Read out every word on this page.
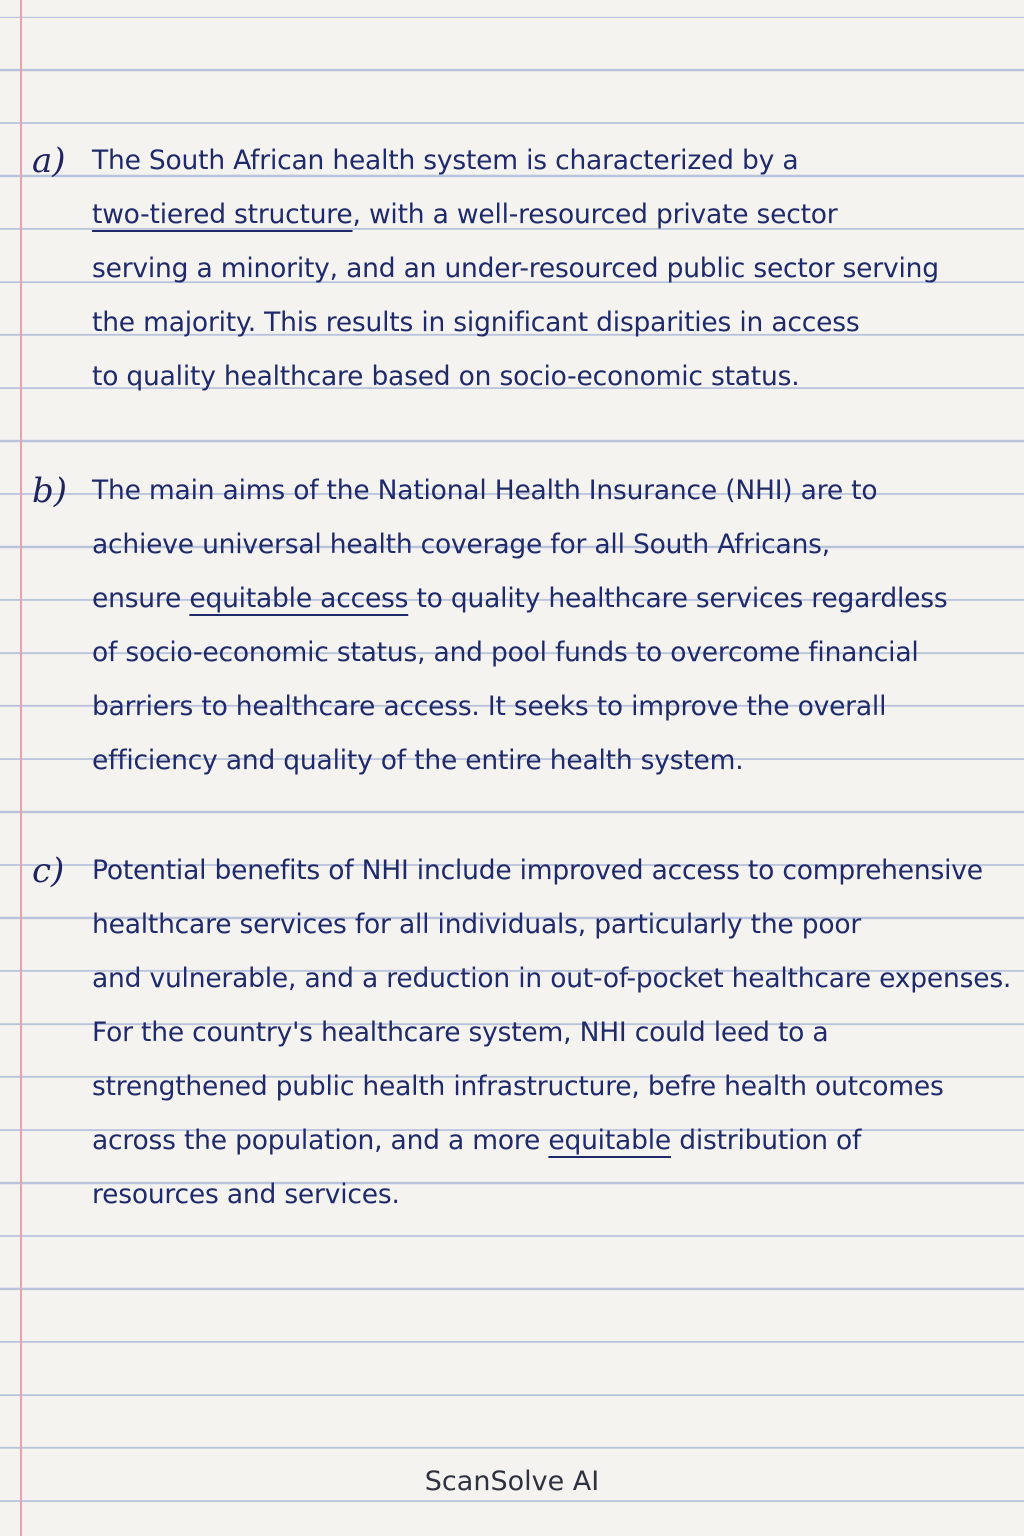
a) The South African health system is characterized by a
two-tiered structure, with a well-resourced private sector
serving a minority, and an under-resourced public sector serving
the majority. This results in significant disparities in access
to quality healthcare based on socio-economic status.

b) The main aims of the National Health Insurance (NHI) are to
achieve universal health coverage for all South Africans,
ensure equitable access to quality healthcare services regardless
of socio-economic status, and pool funds to overcome financial
barriers to healthcare access. It seeks to improve the overall
efficiency and quality of the entire health system.

c) Potential benefits of NHI include improved access to comprehensive
healthcare services for all individuals, particularly the poor
and vulnerable, and a reduction in out-of-pocket healthcare expenses.
For the country's healthcare system, NHI could leed to a
strengthened public health infrastructure, befre health outcomes
across the population, and a more equitable distribution of
resources and services.

ScanSolve AI
